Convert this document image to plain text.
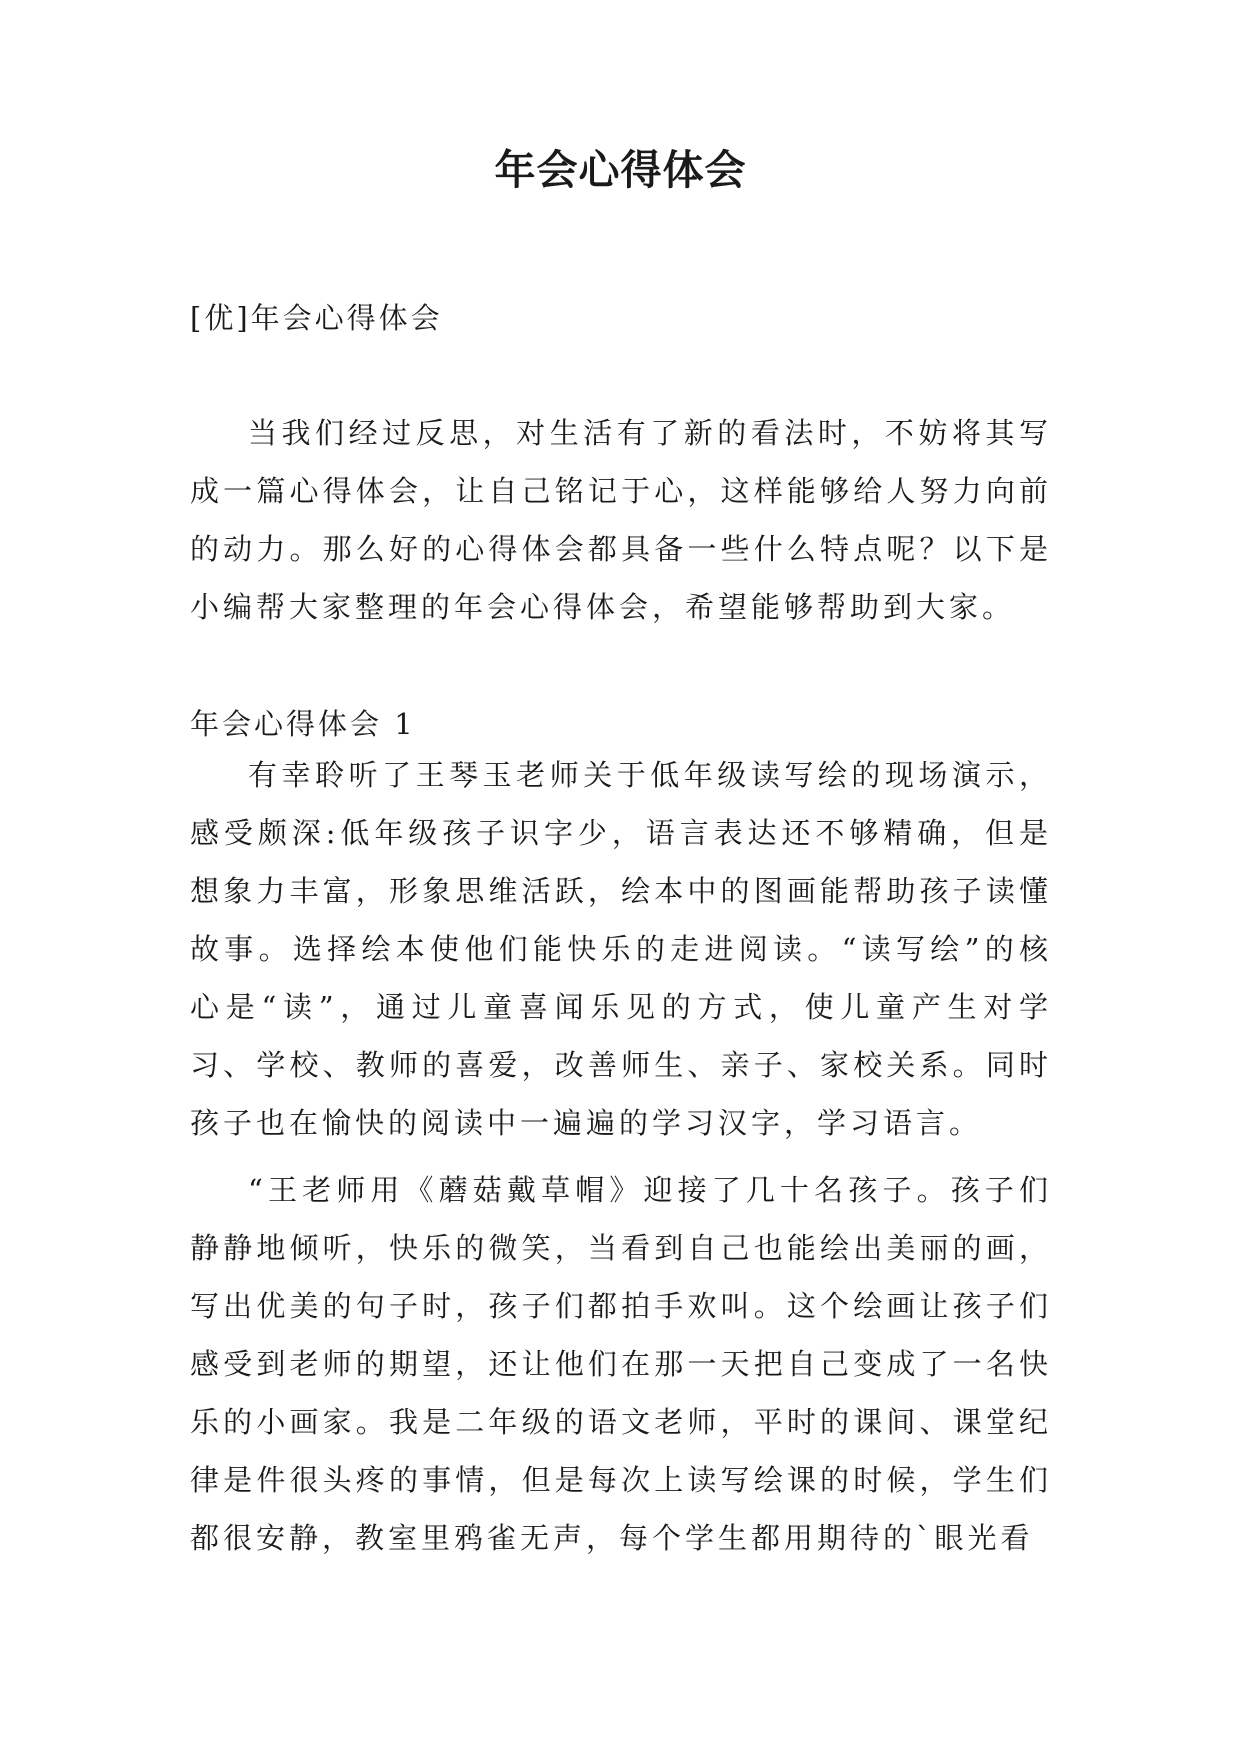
年会心得体会

[优]年会心得体会

当我们经过反思，对生活有了新的看法时，不妨将其写成一篇心得体会，让自己铭记于心，这样能够给人努力向前的动力。那么好的心得体会都具备一些什么特点呢？以下是小编帮大家整理的年会心得体会，希望能够帮助到大家。

年会心得体会 1

有幸聆听了王琴玉老师关于低年级读写绘的现场演示，感受颇深:低年级孩子识字少，语言表达还不够精确，但是想象力丰富，形象思维活跃，绘本中的图画能帮助孩子读懂故事。选择绘本使他们能快乐的走进阅读。“读写绘”的核心是“读”，通过儿童喜闻乐见的方式，使儿童产生对学习、学校、教师的喜爱，改善师生、亲子、家校关系。同时孩子也在愉快的阅读中一遍遍的学习汉字，学习语言。

“王老师用《蘑菇戴草帽》迎接了几十名孩子。孩子们静静地倾听，快乐的微笑，当看到自己也能绘出美丽的画，写出优美的句子时，孩子们都拍手欢叫。这个绘画让孩子们感受到老师的期望，还让他们在那一天把自己变成了一名快乐的小画家。我是二年级的语文老师，平时的课间、课堂纪律是件很头疼的事情，但是每次上读写绘课的时候，学生们都很安静，教室里鸦雀无声，每个学生都用期待的`眼光看
